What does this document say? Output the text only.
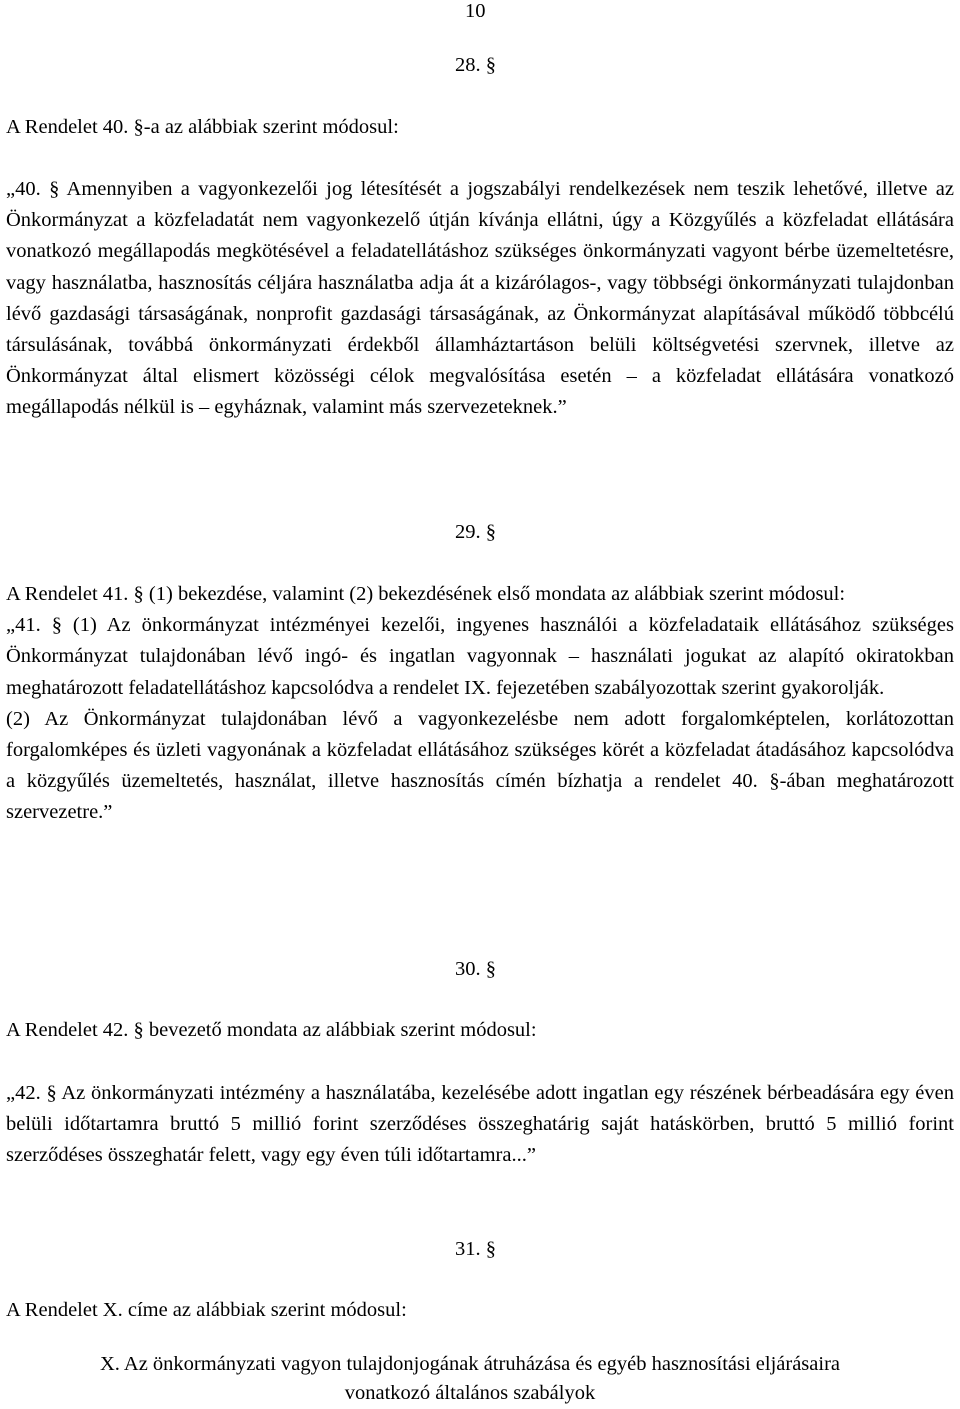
10
28. §
A Rendelet 40. §-a az alábbiak szerint módosul:

„40. § Amennyiben a vagyonkezelői jog létesítését a jogszabályi rendelkezések nem teszik lehetővé, illetve az Önkormányzat a közfeladatát nem vagyonkezelő útján kívánja ellátni, úgy a Közgyűlés a közfeladat ellátására vonatkozó megállapodás megkötésével a feladatellátáshoz szükséges önkormányzati vagyont bérbe üzemeltetésre, vagy használatba, hasznosítás céljára használatba adja át a kizárólagos-, vagy többségi önkormányzati tulajdonban lévő gazdasági társaságának, nonprofit gazdasági társaságának, az Önkormányzat alapításával működő többcélú társulásának, továbbá önkormányzati érdekből államháztartáson belüli költségvetési szervnek, illetve az Önkormányzat által elismert közösségi célok megvalósítása esetén – a közfeladat ellátására vonatkozó megállapodás nélkül is – egyháznak, valamint más szervezeteknek.”

29. §

A Rendelet 41. § (1) bekezdése, valamint (2) bekezdésének első mondata az alábbiak szerint módosul:

„41. § (1) Az önkormányzat intézményei kezelői, ingyenes használói a közfeladataik ellátásához szükséges Önkormányzat tulajdonában lévő ingó- és ingatlan vagyonnak – használati jogukat az alapító okiratokban meghatározott feladatellátáshoz kapcsolódva a rendelet IX. fejezetében szabályozottak szerint gyakorolják.

(2) Az Önkormányzat tulajdonában lévő a vagyonkezelésbe nem adott forgalomképtelen, korlátozottan forgalomképes és üzleti vagyonának a közfeladat ellátásához szükséges körét a közfeladat átadásához kapcsolódva a közgyűlés üzemeltetés, használat, illetve hasznosítás címén bízhatja a rendelet 40. §-ában meghatározott szervezetre.”

30. §
A Rendelet 42. § bevezető mondata az alábbiak szerint módosul:

„42. § Az önkormányzati intézmény a használatába, kezelésébe adott ingatlan egy részének bérbeadására egy éven belüli időtartamra bruttó 5 millió forint szerződéses összeghatárig saját hatáskörben, bruttó 5 millió forint szerződéses összeghatár felett, vagy egy éven túli időtartamra...”

31. §
A Rendelet X. címe az alábbiak szerint módosul:
X. Az önkormányzati vagyon tulajdonjogának átruházása és egyéb hasznosítási eljárásaira
vonatkozó általános szabályok
